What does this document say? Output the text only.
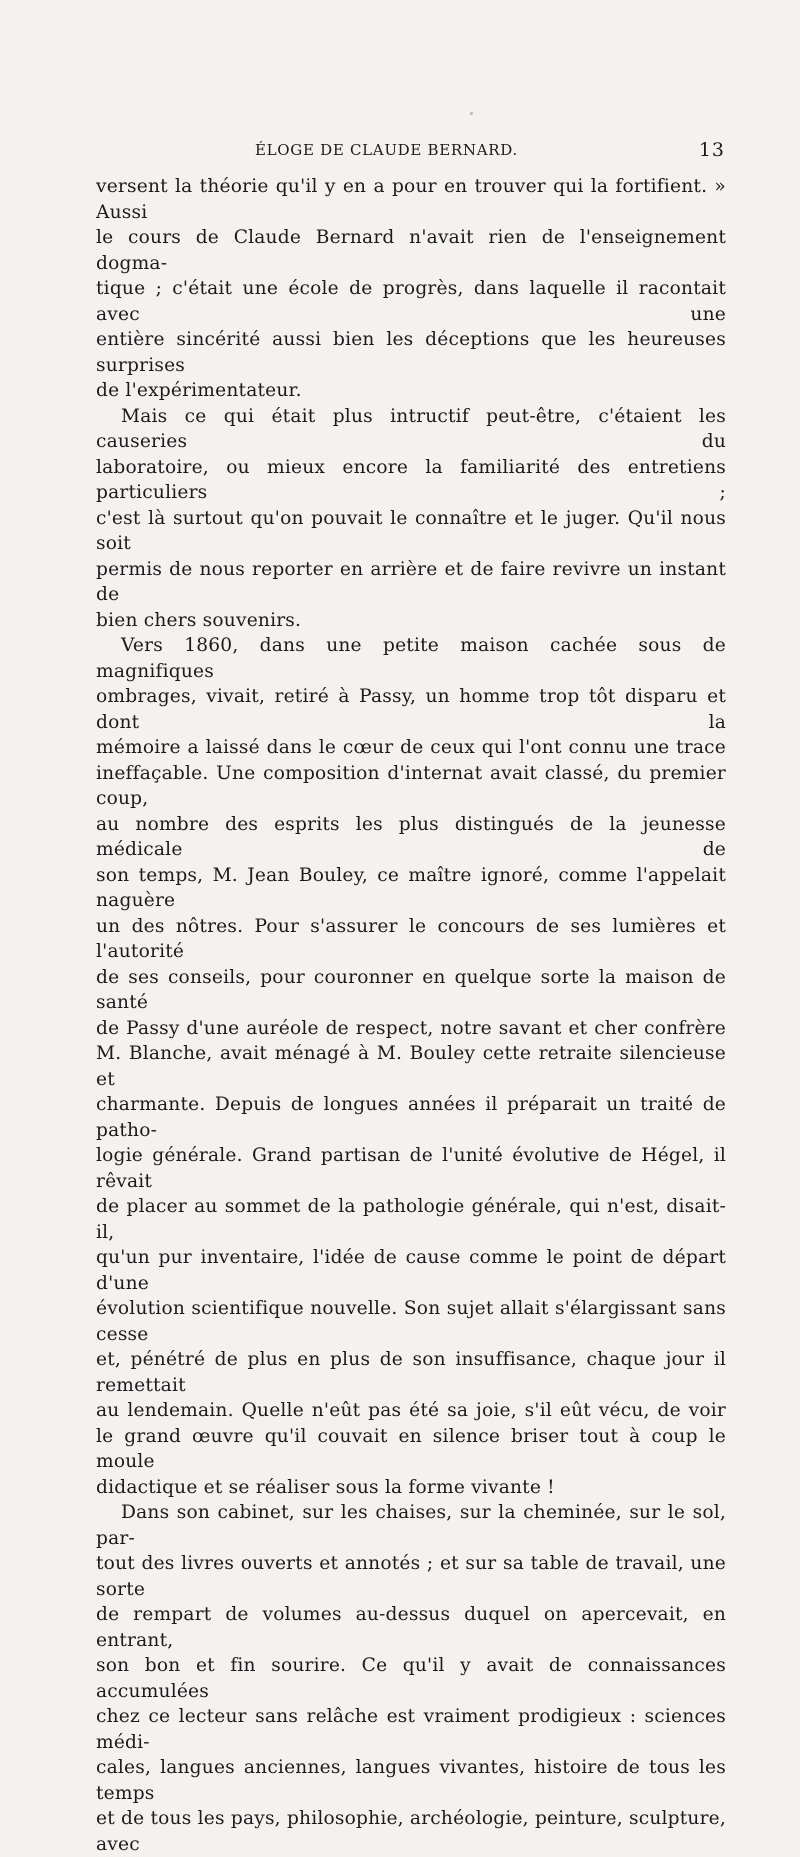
ÉLOGE DE CLAUDE BERNARD.	13

versent la théorie qu'il y en a pour en trouver qui la fortifient. » Aussi

le cours de Claude Bernard n'avait rien de l'enseignement dogma-

tique ; c'était une école de progrès, dans laquelle il racontait avec une

entière sincérité aussi bien les déceptions que les heureuses surprises

de l'expérimentateur.

Mais ce qui était plus intructif peut-être, c'étaient les causeries du

laboratoire, ou mieux encore la familiarité des entretiens particuliers ;

c'est là surtout qu'on pouvait le connaître et le juger. Qu'il nous soit

permis de nous reporter en arrière et de faire revivre un instant de

bien chers souvenirs.

Vers 1860, dans une petite maison cachée sous de magnifiques

ombrages, vivait, retiré à Passy, un homme trop tôt disparu et dont la

mémoire a laissé dans le cœur de ceux qui l'ont connu une trace

ineffaçable. Une composition d'internat avait classé, du premier coup,

au nombre des esprits les plus distingués de la jeunesse médicale de

son temps, M. Jean Bouley, ce maître ignoré, comme l'appelait naguère

un des nôtres. Pour s'assurer le concours de ses lumières et l'autorité

de ses conseils, pour couronner en quelque sorte la maison de santé

de Passy d'une auréole de respect, notre savant et cher confrère

M. Blanche, avait ménagé à M. Bouley cette retraite silencieuse et

charmante. Depuis de longues années il préparait un traité de patho-

logie générale. Grand partisan de l'unité évolutive de Hégel, il rêvait

de placer au sommet de la pathologie générale, qui n'est, disait-il,

qu'un pur inventaire, l'idée de cause comme le point de départ d'une

évolution scientifique nouvelle. Son sujet allait s'élargissant sans cesse

et, pénétré de plus en plus de son insuffisance, chaque jour il remettait

au lendemain. Quelle n'eût pas été sa joie, s'il eût vécu, de voir

le grand œuvre qu'il couvait en silence briser tout à coup le moule

didactique et se réaliser sous la forme vivante !

Dans son cabinet, sur les chaises, sur la cheminée, sur le sol, par-

tout des livres ouverts et annotés ; et sur sa table de travail, une sorte

de rempart de volumes au-dessus duquel on apercevait, en entrant,

son bon et fin sourire. Ce qu'il y avait de connaissances accumulées

chez ce lecteur sans relâche est vraiment prodigieux : sciences médi-

cales, langues anciennes, langues vivantes, histoire de tous les temps

et de tous les pays, philosophie, archéologie, peinture, sculpture, avec
